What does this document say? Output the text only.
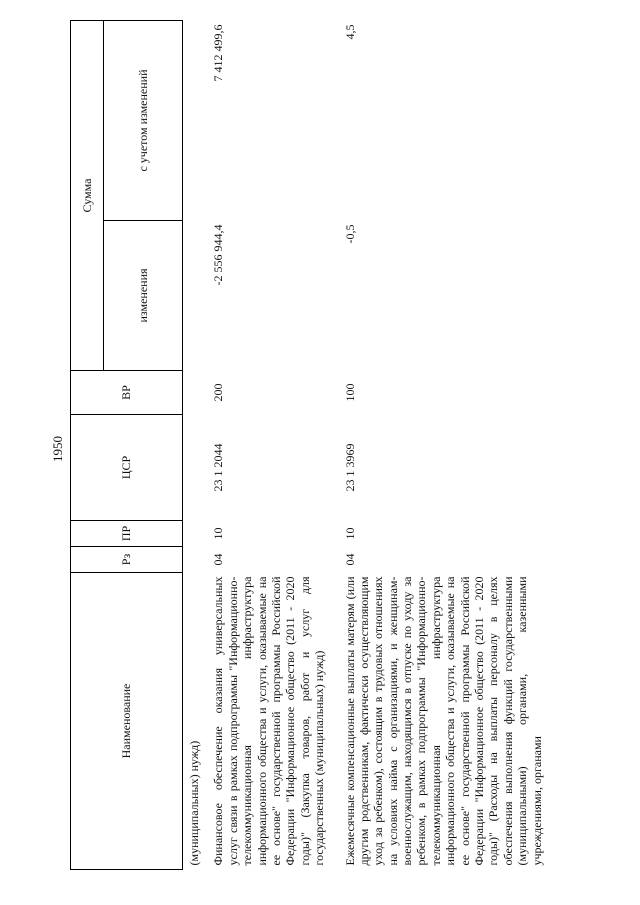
1950
Наименование	Рз	ПР	ЦСР	ВР	Сумма	
					изменения	с учетом изменений
(муниципальных) нужд)						
Финансовое обеспечение оказания универсальных услуг связи в рамках подпрограммы "Информационно-телекоммуникационная инфраструктура информационного общества и услуги, оказываемые на ее основе" государственной программы Российской Федерации "Информационное общество (2011 - 2020 годы)" (Закупка товаров, работ и услуг для государственных (муниципальных) нужд)	04	10	23 1 2044	200	-2 556 944,4	7 412 499,6
Ежемесячные компенсационные выплаты матерям (или другим родственникам, фактически осуществляющим уход за ребенком), состоящим в трудовых отношениях на условиях найма с организациями, и женщинам-военнослужащим, находящимся в отпуске по уходу за ребенком, в рамках подпрограммы "Информационно-телекоммуникационная инфраструктура информационного общества и услуги, оказываемые на ее основе" государственной программы Российской Федерации "Информационное общество (2011 - 2020 годы)" (Расходы на выплаты персоналу в целях обеспечения выполнения функций государственными (муниципальными) органами, казенными учреждениями, органами	04	10	23 1 3969	100	-0,5	4,5
